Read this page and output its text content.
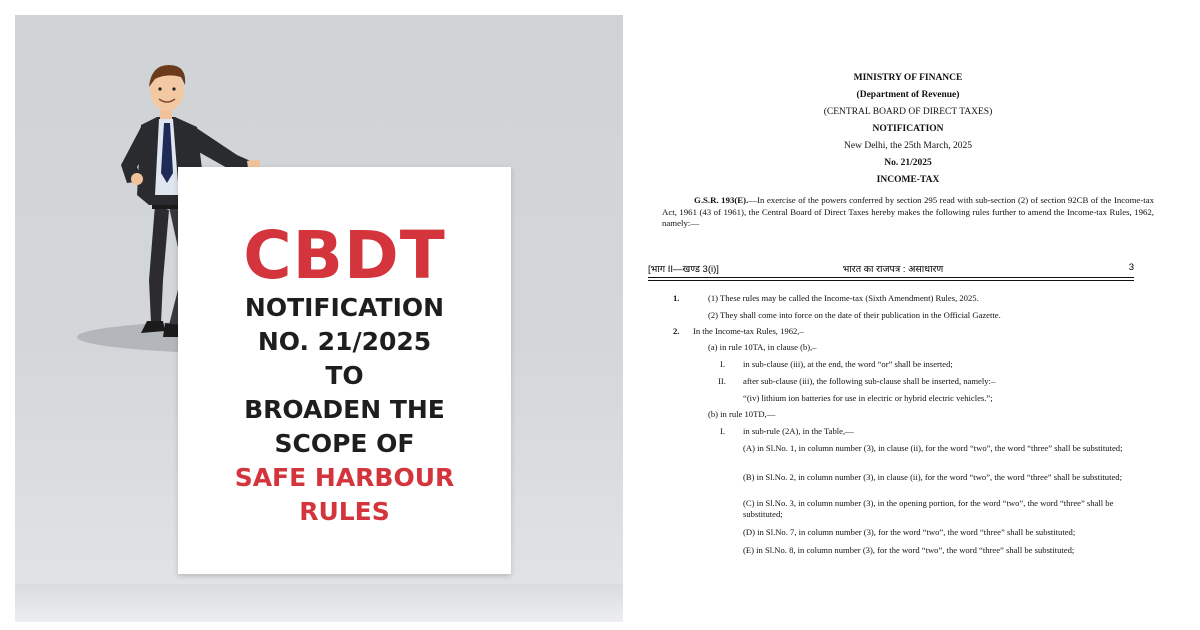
CBDT
NOTIFICATION
NO. 21/2025
TO
BROADEN THE
SCOPE OF
SAFE HARBOUR
RULES
MINISTRY OF FINANCE
(Department of Revenue)
(CENTRAL BOARD OF DIRECT TAXES)
NOTIFICATION
New Delhi, the 25th March, 2025
No. 21/2025
INCOME-TAX
G.S.R. 193(E).—In exercise of the powers conferred by section 295 read with sub-section (2) of section 92CB of the Income-tax Act, 1961 (43 of 1961), the Central Board of Direct Taxes hereby makes the following rules further to amend the Income-tax Rules, 1962, namely:—
[भाग II—खण्ड 3(i)]	भारत का राजपत्र : असाधारण	3
1.	(1) These rules may be called the Income-tax (Sixth Amendment) Rules, 2025.
(2) They shall come into force on the date of their publication in the Official Gazette.
2. In the Income-tax Rules, 1962,–
(a) in rule 10TA, in clause (b),–
I. in sub-clause (iii), at the end, the word “or” shall be inserted;
II. after sub-clause (iii), the following sub-clause shall be inserted, namely:–
“(iv) lithium ion batteries for use in electric or hybrid electric vehicles.”;
(b) in rule 10TD,—
I. in sub-rule (2A), in the Table,—
(A) in Sl.No. 1, in column number (3), in clause (ii), for the word “two”, the word “three” shall be substituted;
(B) in Sl.No. 2, in column number (3), in clause (ii), for the word “two”, the word “three” shall be substituted;
(C) in Sl.No. 3, in column number (3), in the opening portion, for the word “two”, the word “three” shall be substituted;
(D) in Sl.No. 7, in column number (3), for the word “two”, the word “three” shall be substituted;
(E) in Sl.No. 8, in column number (3), for the word “two”, the word “three” shall be substituted;
